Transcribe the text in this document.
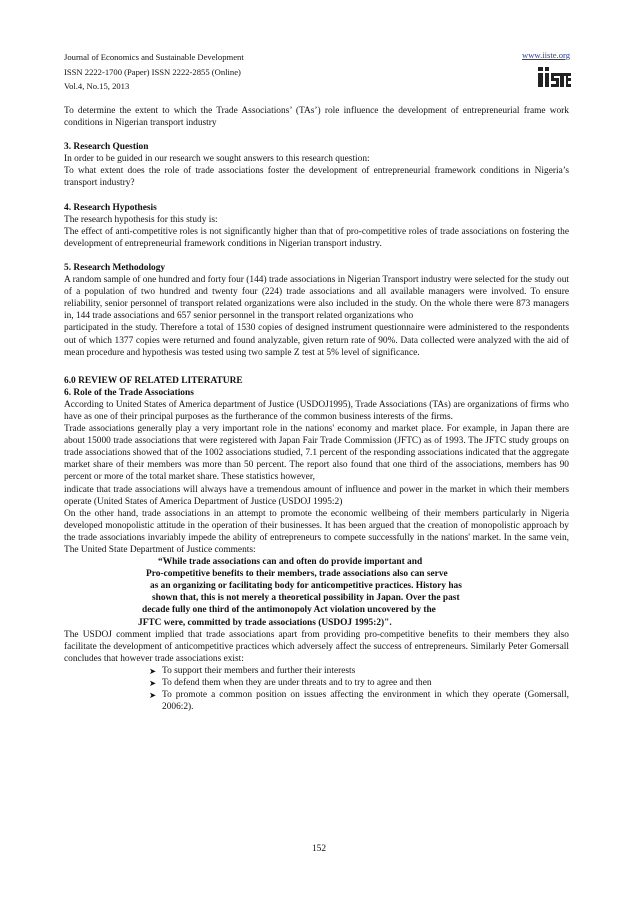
Journal of Economics and Sustainable Development
ISSN 2222-1700 (Paper) ISSN 2222-2855 (Online)
Vol.4, No.15, 2013
www.iiste.org

To determine the extent to which the Trade Associations’ (TAs’) role influence the development of entrepreneurial frame work conditions in Nigerian transport industry

3. Research Question

In order to be guided in our research we sought answers to this research question:

To what extent does the role of trade associations foster the development of entrepreneurial framework conditions in Nigeria’s transport industry?

4. Research Hypothesis

The research hypothesis for this study is:

The effect of anti-competitive roles is not significantly higher than that of pro-competitive roles of trade associations on fostering the development of entrepreneurial framework conditions in Nigerian transport industry.

5. Research Methodology

A random sample of one hundred and forty four (144) trade associations in Nigerian Transport industry were selected for the study out of a population of two hundred and twenty four (224) trade associations and all available managers were involved. To ensure reliability, senior personnel of transport related organizations were also included in the study. On the whole there were 873 managers in, 144 trade associations and 657 senior personnel in the transport related organizations who

participated in the study. Therefore a total of 1530 copies of designed instrument questionnaire were administered to the respondents out of which 1377 copies were returned and found analyzable, given return rate of 90%. Data collected were analyzed with the aid of mean procedure and hypothesis was tested using two sample Z test at 5% level of significance.

6.0 REVIEW OF RELATED LITERATURE

6. Role of the Trade Associations

According to United States of America department of Justice (USDOJ1995), Trade Associations (TAs) are organizations of firms who have as one of their principal purposes as the furtherance of the common business interests of the firms.

Trade associations generally play a very important role in the nations' economy and market place. For example, in Japan there are about 15000 trade associations that were registered with Japan Fair Trade Commission (JFTC) as of 1993. The JFTC study groups on trade associations showed that of the 1002 associations studied, 7.1 percent of the responding associations indicated that the aggregate market share of their members was more than 50 percent. The report also found that one third of the associations, members has 90 percent or more of the total market share. These statistics however,

indicate that trade associations will always have a tremendous amount of influence and power in the market in which their members operate (United States of America Department of Justice (USDOJ 1995:2)

On the other hand, trade associations in an attempt to promote the economic wellbeing of their members particularly in Nigeria developed monopolistic attitude in the operation of their businesses. It has been argued that the creation of monopolistic approach by the trade associations invariably impede the ability of entrepreneurs to compete successfully in the nations' market. In the same vein, The United State Department of Justice comments:

“While trade associations can and often do provide important and

Pro-competitive benefits to their members, trade associations also can serve

as an organizing or facilitating body for anticompetitive practices. History has

shown that, this is not merely a theoretical possibility in Japan. Over the past

decade fully one third of the antimonopoly Act violation uncovered by the

JFTC were, committed by trade associations (USDOJ 1995:2)".

The USDOJ comment implied that trade associations apart from providing pro-competitive benefits to their members they also facilitate the development of anticompetitive practices which adversely affect the success of entrepreneurs. Similarly Peter Gomersall concludes that however trade associations exist:

➤ To support their members and further their interests
➤ To defend them when they are under threats and to try to agree and then
➤ To promote a common position on issues affecting the environment in which they operate (Gomersall, 2006:2).
152
